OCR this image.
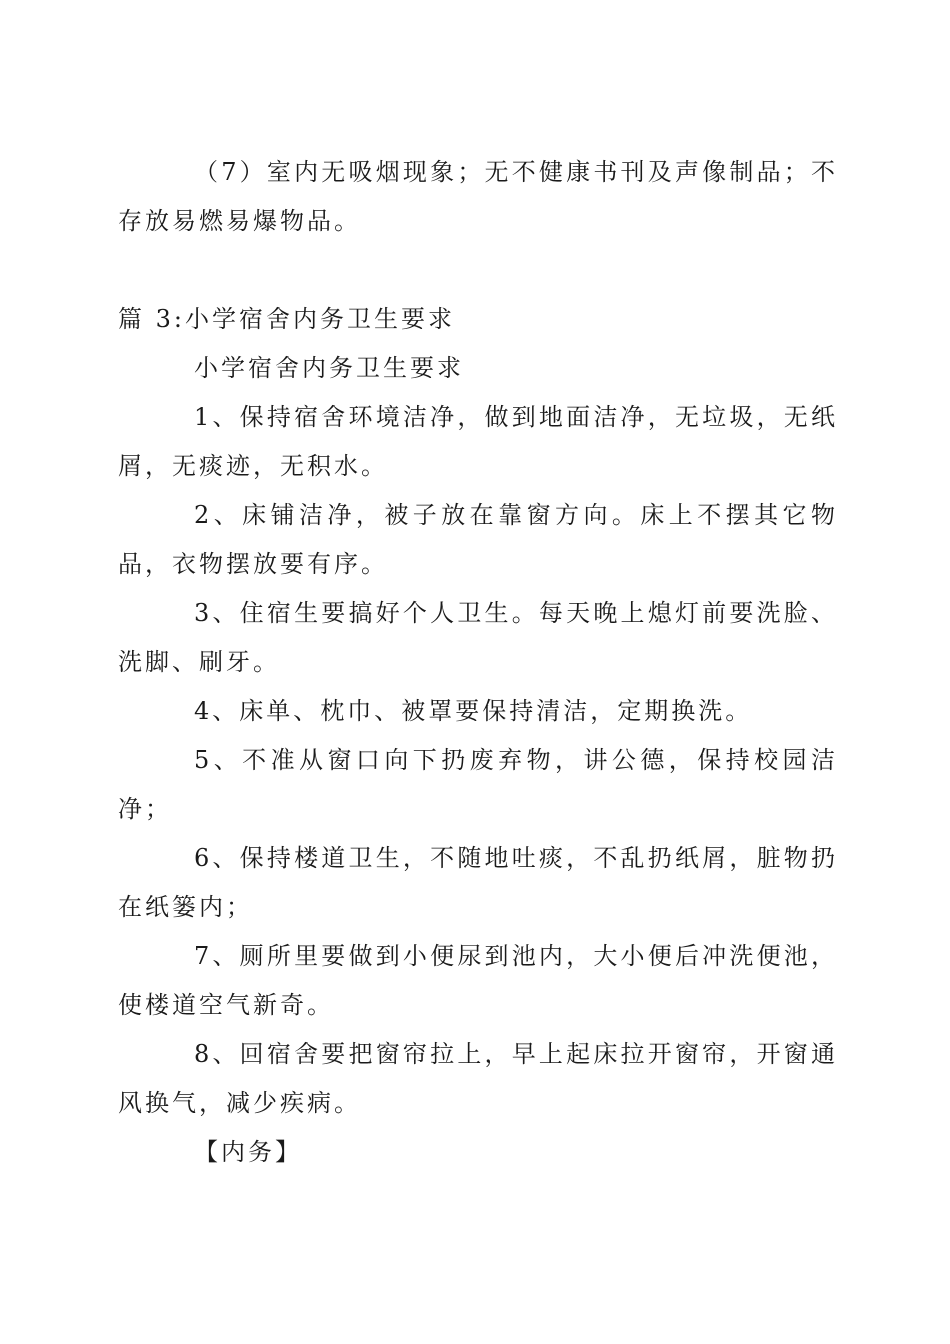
（7）室内无吸烟现象；无不健康书刊及声像制品；不存放易燃易爆物品。

篇 3:小学宿舍内务卫生要求

小学宿舍内务卫生要求

1、保持宿舍环境洁净，做到地面洁净，无垃圾，无纸屑，无痰迹，无积水。

2、床铺洁净，被子放在靠窗方向。床上不摆其它物品，衣物摆放要有序。

3、住宿生要搞好个人卫生。每天晚上熄灯前要洗脸、洗脚、刷牙。

4、床单、枕巾、被罩要保持清洁，定期换洗。

5、不准从窗口向下扔废弃物，讲公德，保持校园洁净；

6、保持楼道卫生，不随地吐痰，不乱扔纸屑，脏物扔在纸篓内；

7、厕所里要做到小便尿到池内，大小便后冲洗便池，使楼道空气新奇。

8、回宿舍要把窗帘拉上，早上起床拉开窗帘，开窗通风换气，减少疾病。

【内务】
